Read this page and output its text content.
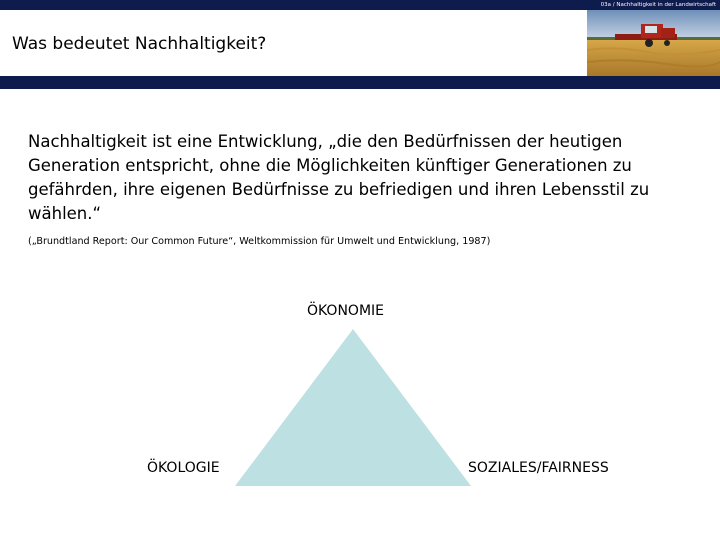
03a / Nachhaltigkeit in der Landwirtschaft
Was bedeutet Nachhaltigkeit?
Nachhaltigkeit ist eine Entwicklung, „die den Bedürfnissen der heutigen Generation entspricht, ohne die Möglichkeiten künftiger Generationen zu gefährden, ihre eigenen Bedürfnisse zu befriedigen und ihren Lebensstil zu wählen.“
(„Brundtland Report: Our Common Future“, Weltkommission für Umwelt und Entwicklung, 1987)
ÖKONOMIE
ÖKOLOGIE	SOZIALES/FAIRNESS
